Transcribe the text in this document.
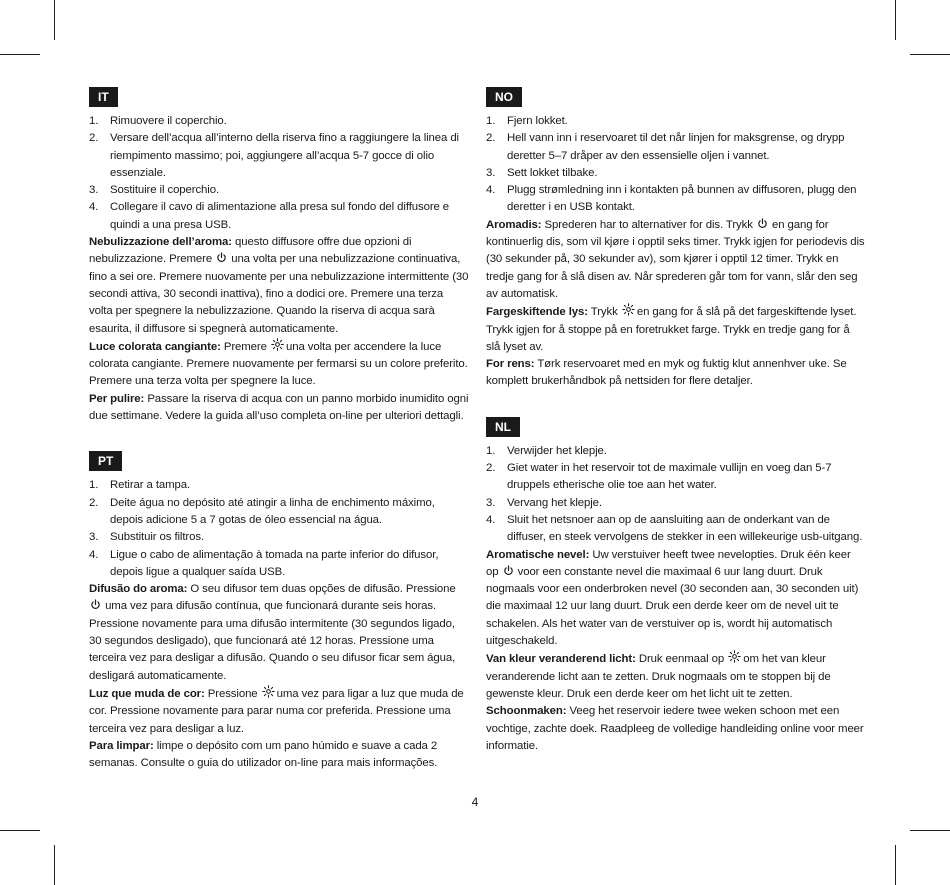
IT

1. Rimuovere il coperchio.
2. Versare dell’acqua all’interno della riserva fino a raggiungere la linea di riempimento massimo; poi, aggiungere all’acqua 5-7 gocce di olio essenziale.
3. Sostituire il coperchio.
4. Collegare il cavo di alimentazione alla presa sul fondo del diffusore e quindi a una presa USB.

Nebulizzazione dell’aroma: questo diffusore offre due opzioni di nebulizzazione. Premere  una volta per una nebulizzazione continuativa, fino a sei ore. Premere nuovamente per una nebulizzazione intermittente (30 secondi attiva, 30 secondi inattiva), fino a dodici ore. Premere una terza volta per spegnere la nebulizzazione. Quando la riserva di acqua sarà esaurita, il diffusore si spegnerà automaticamente.

Luce colorata cangiante: Premere  una volta per accendere la luce colorata cangiante. Premere nuovamente per fermarsi su un colore preferito. Premere una terza volta per spegnere la luce.

Per pulire: Passare la riserva di acqua con un panno morbido inumidito ogni due settimane. Vedere la guida all’uso completa on-line per ulteriori dettagli.

PT

1. Retirar a tampa.
2. Deite água no depósito até atingir a linha de enchimento máximo, depois adicione 5 a 7 gotas de óleo essencial na água.
3. Substituir os filtros.
4. Ligue o cabo de alimentação à tomada na parte inferior do difusor, depois ligue a qualquer saída USB.

Difusão do aroma: O seu difusor tem duas opções de difusão. Pressione  uma vez para difusão contínua, que funcionará durante seis horas. Pressione novamente para uma difusão intermitente (30 segundos ligado, 30 segundos desligado), que funcionará até 12 horas. Pressione uma terceira vez para desligar a difusão. Quando o seu difusor ficar sem água, desligará automaticamente.

Luz que muda de cor: Pressione  uma vez para ligar a luz que muda de cor. Pressione novamente para parar numa cor preferida. Pressione uma terceira vez para desligar a luz.

Para limpar: limpe o depósito com um pano húmido e suave a cada 2 semanas. Consulte o guia do utilizador on-line para mais informações.

NO

1. Fjern lokket.
2. Hell vann inn i reservoaret til det når linjen for maksgrense, og drypp deretter 5–7 dråper av den essensielle oljen i vannet.
3. Sett lokket tilbake.
4. Plugg strømledning inn i kontakten på bunnen av diffusoren, plugg den deretter i en USB kontakt.

Aromadis: Sprederen har to alternativer for dis. Trykk  en gang for kontinuerlig dis, som vil kjøre i opptil seks timer. Trykk igjen for periodevis dis (30 sekunder på, 30 sekunder av), som kjører i opptil 12 timer. Trykk en tredje gang for å slå disen av. Når sprederen går tom for vann, slår den seg av automatisk.

Fargeskiftende lys: Trykk  en gang for å slå på det fargeskiftende lyset. Trykk igjen for å stoppe på en foretrukket farge. Trykk en tredje gang for å slå lyset av.

For rens: Tørk reservoaret med en myk og fuktig klut annenhver uke. Se komplett brukerhåndbok på nettsiden for flere detaljer.

NL

1. Verwijder het klepje.
2. Giet water in het reservoir tot de maximale vullijn en voeg dan 5-7 druppels etherische olie toe aan het water.
3. Vervang het klepje.
4. Sluit het netsnoer aan op de aansluiting aan de onderkant van de diffuser, en steek vervolgens de stekker in een willekeurige usb-uitgang.

Aromatische nevel: Uw verstuiver heeft twee nevelopties. Druk één keer op  voor een constante nevel die maximaal 6 uur lang duurt. Druk nogmaals voor een onderbroken nevel (30 seconden aan, 30 seconden uit) die maximaal 12 uur lang duurt. Druk een derde keer om de nevel uit te schakelen. Als het water van de verstuiver op is, wordt hij automatisch uitgeschakeld.

Van kleur veranderend licht: Druk eenmaal op  om het van kleur veranderende licht aan te zetten. Druk nogmaals om te stoppen bij de gewenste kleur. Druk een derde keer om het licht uit te zetten.

Schoonmaken: Veeg het reservoir iedere twee weken schoon met een vochtige, zachte doek. Raadpleeg de volledige handleiding online voor meer informatie.

4
